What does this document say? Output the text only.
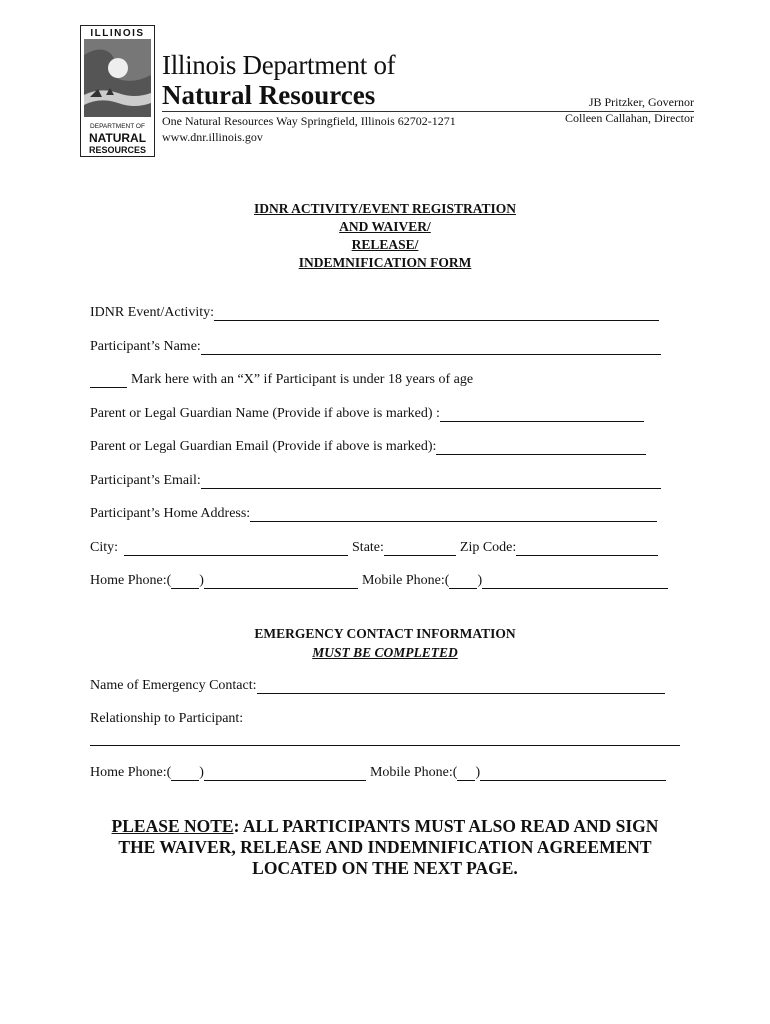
ILLINOIS
DEPARTMENT OF
NATURAL
RESOURCES
Illinois Department of
Natural Resources
One Natural Resources Way Springfield, Illinois 62702-1271
www.dnr.illinois.gov
JB Pritzker, Governor
Colleen Callahan, Director
IDNR ACTIVITY/EVENT REGISTRATION
AND WAIVER/
RELEASE/
INDEMNIFICATION FORM
IDNR Event/Activity:
Participant’s Name:
Mark here with an “X” if Participant is under 18 years of age
Parent or Legal Guardian Name (Provide if above is marked) :
Parent or Legal Guardian Email (Provide if above is marked):
Participant’s Email:
Participant’s Home Address:
City:	State:	Zip Code:
Home Phone:( )	Mobile Phone:( )
EMERGENCY CONTACT INFORMATION
MUST BE COMPLETED
Name of Emergency Contact:
Relationship to Participant:
Home Phone:( )	Mobile Phone:( )
PLEASE NOTE: ALL PARTICIPANTS MUST ALSO READ AND SIGN
THE WAIVER, RELEASE AND INDEMNIFICATION AGREEMENT
LOCATED ON THE NEXT PAGE.
